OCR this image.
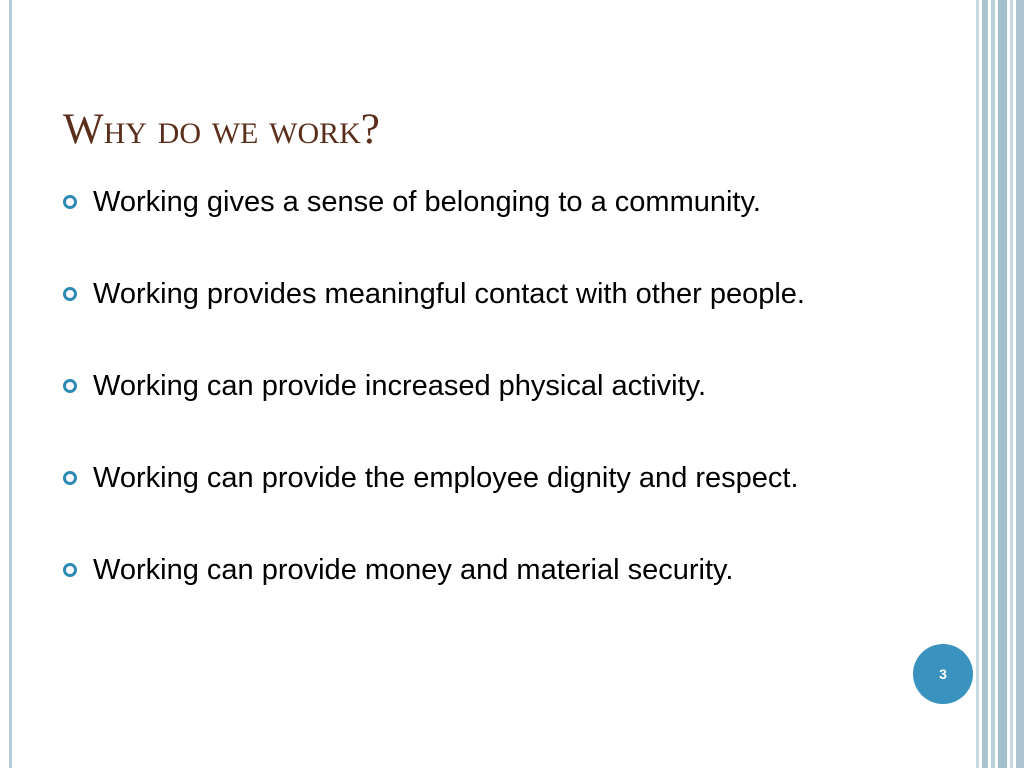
Why do we work?
Working gives a sense of belonging to a community.
Working provides meaningful contact with other people.
Working can provide increased physical activity.
Working can provide the employee dignity and respect.
Working can provide money and material security.
3
